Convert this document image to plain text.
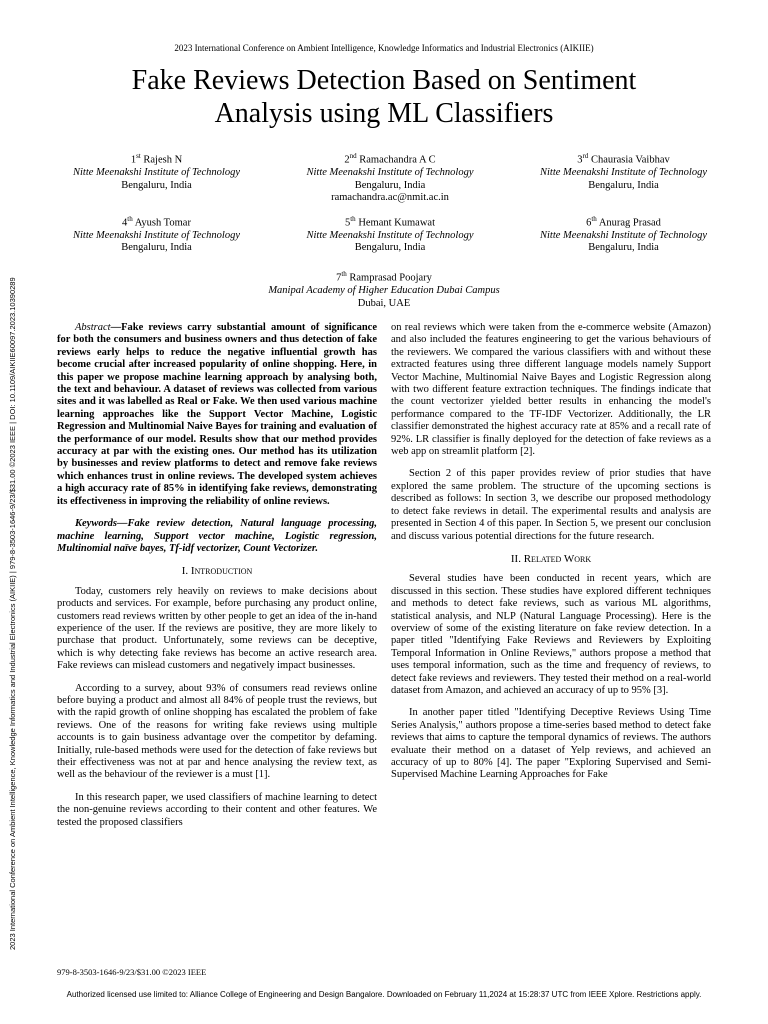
2023 International Conference on Ambient Intelligence, Knowledge Informatics and Industrial Electronics (AIKIIE)
Fake Reviews Detection Based on Sentiment
Analysis using ML Classifiers
1st Rajesh N
Nitte Meenakshi Institute of Technology
Bengaluru, India
2nd Ramachandra A C
Nitte Meenakshi Institute of Technology
Bengaluru, India
ramachandra.ac@nmit.ac.in
3rd Chaurasia Vaibhav
Nitte Meenakshi Institute of Technology
Bengaluru, India
4th Ayush Tomar
Nitte Meenakshi Institute of Technology
Bengaluru, India
5th Hemant Kumawat
Nitte Meenakshi Institute of Technology
Bengaluru, India
6th Anurag Prasad
Nitte Meenakshi Institute of Technology
Bengaluru, India
7th Ramprasad Poojary
Manipal Academy of Higher Education Dubai Campus
Dubai, UAE

Abstract—Fake reviews carry substantial amount of significance for both the consumers and business owners and thus detection of fake reviews early helps to reduce the negative influential growth has become crucial after increased popularity of online shopping. Here, in this paper we propose machine learning approach by analysing both, the text and behaviour. A dataset of reviews was collected from various sites and it was labelled as Real or Fake. We then used various machine learning approaches like the Support Vector Machine, Logistic Regression and Multinomial Naive Bayes for training and evaluation of the performance of our model. Results show that our method provides accuracy at par with the existing ones. Our method has its utilization by businesses and review platforms to detect and remove fake reviews which enhances trust in online reviews. The developed system achieves a high accuracy rate of 85% in identifying fake reviews, demonstrating its effectiveness in improving the reliability of online reviews.

Keywords—Fake review detection, Natural language processing, machine learning, Support vector machine, Logistic regression, Multinomial naïve bayes, Tf-idf vectorizer, Count Vectorizer.

I. Introduction

Today, customers rely heavily on reviews to make decisions about products and services. For example, before purchasing any product online, customers read reviews written by other people to get an idea of the in-hand experience of the user. If the reviews are positive, they are more likely to purchase that product. Unfortunately, some reviews can be deceptive, which is why detecting fake reviews has become an active research area. Fake reviews can mislead customers and negatively impact businesses.

According to a survey, about 93% of consumers read reviews online before buying a product and almost all 84% of people trust the reviews, but with the rapid growth of online shopping has escalated the problem of fake reviews. One of the reasons for writing fake reviews using multiple accounts is to gain business advantage over the competitor by defaming. Initially, rule-based methods were used for the detection of fake reviews but their effectiveness was not at par and hence analysing the review text, as well as the behaviour of the reviewer is a must [1].

In this research paper, we used classifiers of machine learning to detect the non-genuine reviews according to their content and other features. We tested the proposed classifiers

on real reviews which were taken from the e-commerce website (Amazon) and also included the features engineering to get the various behaviours of the reviewers. We compared the various classifiers with and without these extracted features using three different language models namely Support Vector Machine, Multinomial Naive Bayes and Logistic Regression along with two different feature extraction techniques. The findings indicate that the count vectorizer yielded better results in enhancing the model's performance compared to the TF-IDF Vectorizer. Additionally, the LR classifier demonstrated the highest accuracy rate at 85% and a recall rate of 92%. LR classifier is finally deployed for the detection of fake reviews as a web app on streamlit platform [2].

Section 2 of this paper provides review of prior studies that have explored the same problem. The structure of the upcoming sections is described as follows: In section 3, we describe our proposed methodology to detect fake reviews in detail. The experimental results and analysis are presented in Section 4 of this paper. In Section 5, we present our conclusion and discuss various potential directions for the future research.

II. Related Work

Several studies have been conducted in recent years, which are discussed in this section. These studies have explored different techniques and methods to detect fake reviews, such as various ML algorithms, statistical analysis, and NLP (Natural Language Processing). Here is the overview of some of the existing literature on fake review detection. In a paper titled "Identifying Fake Reviews and Reviewers by Exploiting Temporal Information in Online Reviews," authors propose a method that uses temporal information, such as the time and frequency of reviews, to detect fake reviews and reviewers. They tested their method on a real-world dataset from Amazon, and achieved an accuracy of up to 95% [3].

In another paper titled "Identifying Deceptive Reviews Using Time Series Analysis," authors propose a time-series based method to detect fake reviews that aims to capture the temporal dynamics of reviews. The authors evaluate their method on a dataset of Yelp reviews, and achieved an accuracy of up to 80% [4]. The paper "Exploring Supervised and Semi-Supervised Machine Learning Approaches for Fake

979-8-3503-1646-9/23/$31.00 ©2023 IEEE
2023 International Conference on Ambient Intelligence, Knowledge Informatics and Industrial Electronics (AIKIIE) | 979-8-3503-1646-9/23/$31.00 ©2023 IEEE | DOI: 10.1109/AIKIIE60097.2023.10390289
Authorized licensed use limited to: Alliance College of Engineering and Design Bangalore. Downloaded on February 11,2024 at 15:28:37 UTC from IEEE Xplore. Restrictions apply.
